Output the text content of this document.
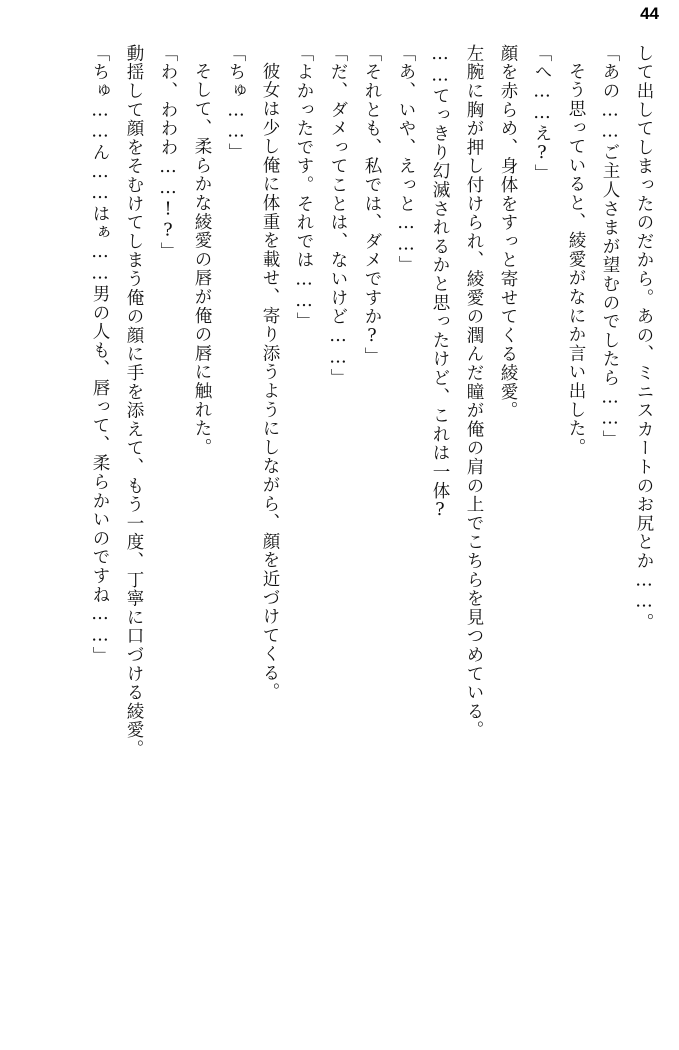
44
して出してしまったのだから。あの、ミニスカートのお尻とか……。
「あの……ご主人さまが望むのでしたら……」
そう思っていると、綾愛がなにか言い出した。
「へ……え?」
顔を赤らめ、身体をすっと寄せてくる綾愛。
左腕に胸が押し付けられ、綾愛の潤んだ瞳が俺の肩の上でこちらを見つめている。
……てっきり幻滅されるかと思ったけど、これは一体?
「あ、いや、えっと……」
「それとも、私では、ダメですか?」
「だ、ダメってことは、ないけど……」
「よかったです。それでは……」
彼女は少し俺に体重を載せ、寄り添うようにしながら、顔を近づけてくる。
「ちゅ……」
そして、柔らかな綾愛の唇が俺の唇に触れた。
「わ、わわわ……!?」
動揺して顔をそむけてしまう俺の顔に手を添えて、もう一度、丁寧に口づける綾愛。
「ちゅ……ん……はぁ……男の人も、唇って、柔らかいのですね……」
